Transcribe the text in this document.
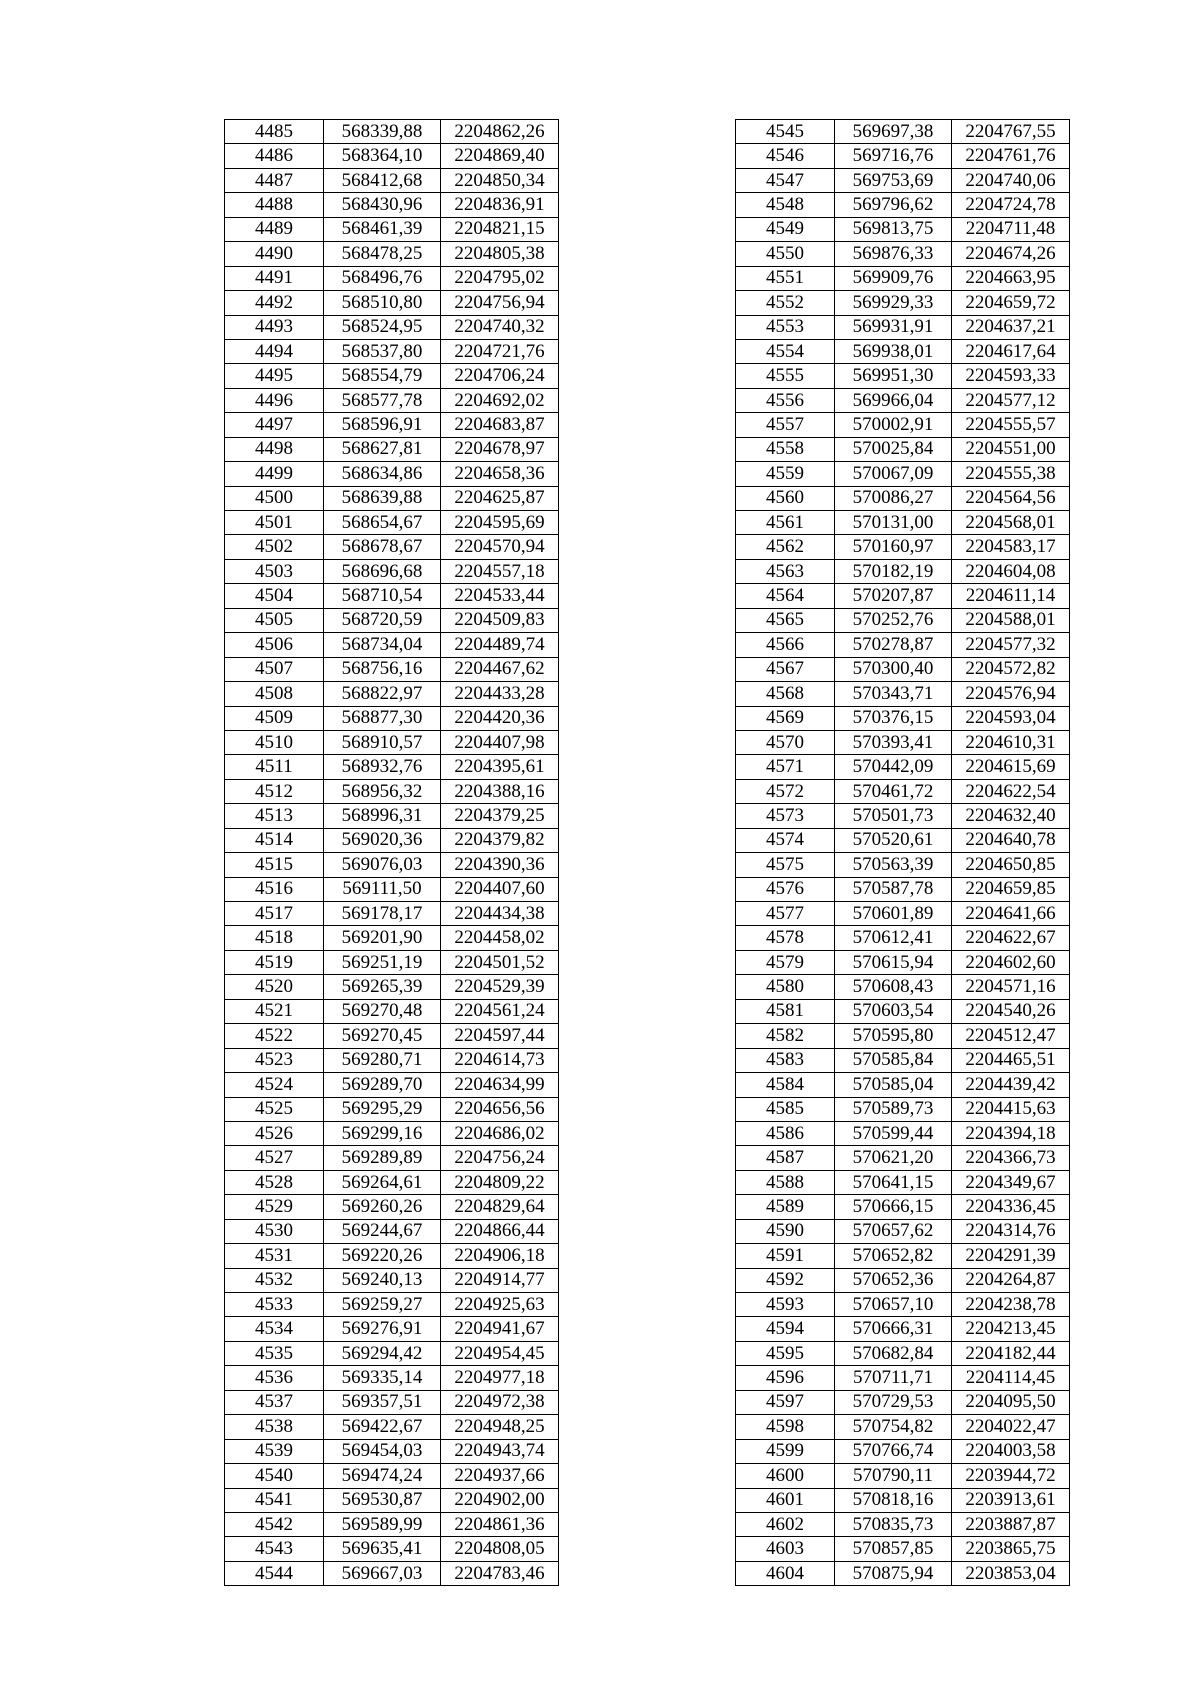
4485	568339,88	2204862,26
4486	568364,10	2204869,40
4487	568412,68	2204850,34
4488	568430,96	2204836,91
4489	568461,39	2204821,15
4490	568478,25	2204805,38
4491	568496,76	2204795,02
4492	568510,80	2204756,94
4493	568524,95	2204740,32
4494	568537,80	2204721,76
4495	568554,79	2204706,24
4496	568577,78	2204692,02
4497	568596,91	2204683,87
4498	568627,81	2204678,97
4499	568634,86	2204658,36
4500	568639,88	2204625,87
4501	568654,67	2204595,69
4502	568678,67	2204570,94
4503	568696,68	2204557,18
4504	568710,54	2204533,44
4505	568720,59	2204509,83
4506	568734,04	2204489,74
4507	568756,16	2204467,62
4508	568822,97	2204433,28
4509	568877,30	2204420,36
4510	568910,57	2204407,98
4511	568932,76	2204395,61
4512	568956,32	2204388,16
4513	568996,31	2204379,25
4514	569020,36	2204379,82
4515	569076,03	2204390,36
4516	569111,50	2204407,60
4517	569178,17	2204434,38
4518	569201,90	2204458,02
4519	569251,19	2204501,52
4520	569265,39	2204529,39
4521	569270,48	2204561,24
4522	569270,45	2204597,44
4523	569280,71	2204614,73
4524	569289,70	2204634,99
4525	569295,29	2204656,56
4526	569299,16	2204686,02
4527	569289,89	2204756,24
4528	569264,61	2204809,22
4529	569260,26	2204829,64
4530	569244,67	2204866,44
4531	569220,26	2204906,18
4532	569240,13	2204914,77
4533	569259,27	2204925,63
4534	569276,91	2204941,67
4535	569294,42	2204954,45
4536	569335,14	2204977,18
4537	569357,51	2204972,38
4538	569422,67	2204948,25
4539	569454,03	2204943,74
4540	569474,24	2204937,66
4541	569530,87	2204902,00
4542	569589,99	2204861,36
4543	569635,41	2204808,05
4544	569667,03	2204783,46
4545	569697,38	2204767,55
4546	569716,76	2204761,76
4547	569753,69	2204740,06
4548	569796,62	2204724,78
4549	569813,75	2204711,48
4550	569876,33	2204674,26
4551	569909,76	2204663,95
4552	569929,33	2204659,72
4553	569931,91	2204637,21
4554	569938,01	2204617,64
4555	569951,30	2204593,33
4556	569966,04	2204577,12
4557	570002,91	2204555,57
4558	570025,84	2204551,00
4559	570067,09	2204555,38
4560	570086,27	2204564,56
4561	570131,00	2204568,01
4562	570160,97	2204583,17
4563	570182,19	2204604,08
4564	570207,87	2204611,14
4565	570252,76	2204588,01
4566	570278,87	2204577,32
4567	570300,40	2204572,82
4568	570343,71	2204576,94
4569	570376,15	2204593,04
4570	570393,41	2204610,31
4571	570442,09	2204615,69
4572	570461,72	2204622,54
4573	570501,73	2204632,40
4574	570520,61	2204640,78
4575	570563,39	2204650,85
4576	570587,78	2204659,85
4577	570601,89	2204641,66
4578	570612,41	2204622,67
4579	570615,94	2204602,60
4580	570608,43	2204571,16
4581	570603,54	2204540,26
4582	570595,80	2204512,47
4583	570585,84	2204465,51
4584	570585,04	2204439,42
4585	570589,73	2204415,63
4586	570599,44	2204394,18
4587	570621,20	2204366,73
4588	570641,15	2204349,67
4589	570666,15	2204336,45
4590	570657,62	2204314,76
4591	570652,82	2204291,39
4592	570652,36	2204264,87
4593	570657,10	2204238,78
4594	570666,31	2204213,45
4595	570682,84	2204182,44
4596	570711,71	2204114,45
4597	570729,53	2204095,50
4598	570754,82	2204022,47
4599	570766,74	2204003,58
4600	570790,11	2203944,72
4601	570818,16	2203913,61
4602	570835,73	2203887,87
4603	570857,85	2203865,75
4604	570875,94	2203853,04
